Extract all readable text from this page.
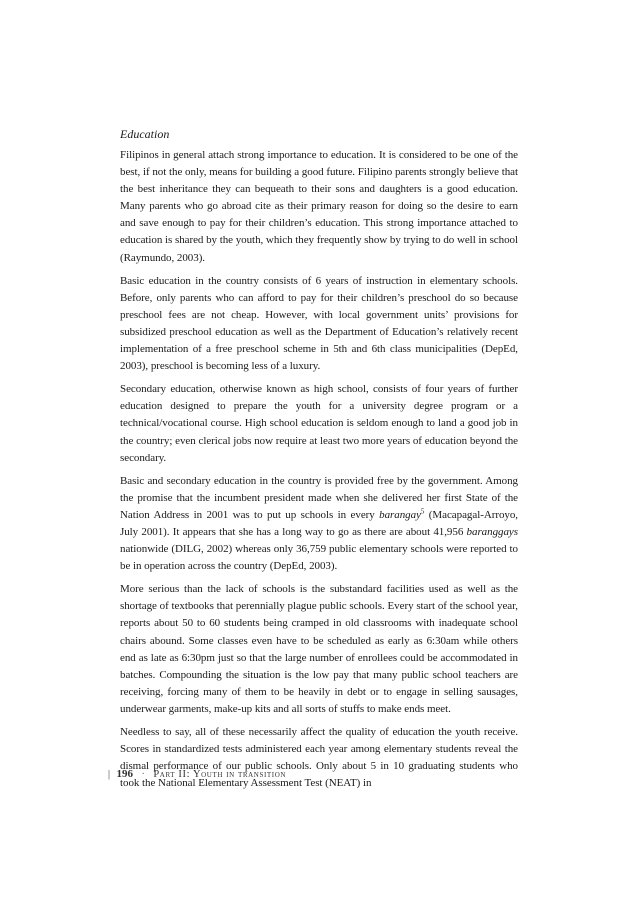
Education

Filipinos in general attach strong importance to education. It is considered to be one of the best, if not the only, means for building a good future. Filipino parents strongly believe that the best inheritance they can bequeath to their sons and daughters is a good education. Many parents who go abroad cite as their primary reason for doing so the desire to earn and save enough to pay for their children’s education. This strong importance attached to education is shared by the youth, which they frequently show by trying to do well in school (Raymundo, 2003).

Basic education in the country consists of 6 years of instruction in elementary schools. Before, only parents who can afford to pay for their children’s preschool do so because preschool fees are not cheap. However, with local government units’ provisions for subsidized preschool education as well as the Department of Education’s relatively recent implementation of a free preschool scheme in 5th and 6th class municipalities (DepEd, 2003), preschool is becoming less of a luxury.

Secondary education, otherwise known as high school, consists of four years of further education designed to prepare the youth for a university degree program or a technical/vocational course. High school education is seldom enough to land a good job in the country; even clerical jobs now require at least two more years of education beyond the secondary.

Basic and secondary education in the country is provided free by the government. Among the promise that the incumbent president made when she delivered her first State of the Nation Address in 2001 was to put up schools in every barangay$^5$ (Macapagal-Arroyo, July 2001). It appears that she has a long way to go as there are about 41,956 baranggays nationwide (DILG, 2002) whereas only 36,759 public elementary schools were reported to be in operation across the country (DepEd, 2003).

More serious than the lack of schools is the substandard facilities used as well as the shortage of textbooks that perennially plague public schools. Every start of the school year, reports about 50 to 60 students being cramped in old classrooms with inadequate school chairs abound. Some classes even have to be scheduled as early as 6:30am while others end as late as 6:30pm just so that the large number of enrollees could be accommodated in batches. Compounding the situation is the low pay that many public school teachers are receiving, forcing many of them to be heavily in debt or to engage in selling sausages, underwear garments, make-up kits and all sorts of stuffs to make ends meet.

Needless to say, all of these necessarily affect the quality of education the youth receive. Scores in standardized tests administered each year among elementary students reveal the dismal performance of our public schools. Only about 5 in 10 graduating students who took the National Elementary Assessment Test (NEAT) in

| 196 · Part II: Youth in transition
